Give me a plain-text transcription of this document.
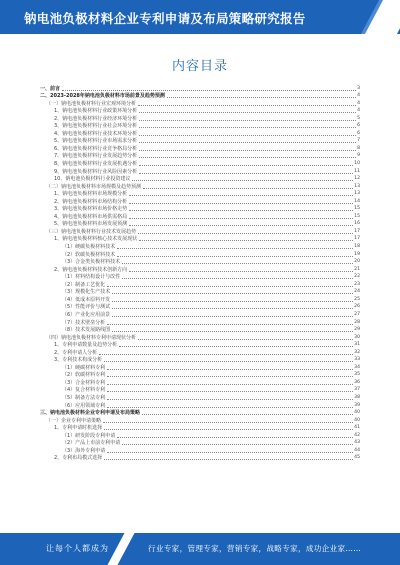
钠电池负极材料企业专利申请及布局策略研究报告
内容目录
一、前言	3
二、2023-2028年钠电池负极材料市场前景及趋势预测	4
（一）钠电池负极材料行业宏观环境分析	4
1、钠电池负极材料行业政策环境分析	4
2、钠电池负极材料行业经济环境分析	5
3、钠电池负极材料行业社会环境分析	6
4、钠电池负极材料行业技术环境分析	6
5、钠电池负极材料行业市场需求分析	7
6、钠电池负极材料行业竞争格局分析	8
7、钠电池负极材料行业发展趋势分析	9
8、钠电池负极材料行业发展机遇分析	10
9、钠电池负极材料行业风险因素分析	11
10、钠电池负极材料行业投资建议	12
（二）钠电池负极材料市场规模及趋势预测	13
1、钠电池负极材料市场规模分析	13
2、钠电池负极材料市场结构分析	14
3、钠电池负极材料市场价格走势	15
4、钠电池负极材料市场供需格局	15
5、钠电池负极材料市场发展预测	16
（三）钠电池负极材料行业技术发展趋势	17
1、钠电池负极材料核心技术发展现状	17
（1）硬碳负极材料技术	18
（2）软碳负极材料技术	19
（3）合金类负极材料技术	20
2、钠电池负极材料技术创新方向	21
（1）材料结构设计与改性	22
（2）制备工艺优化	23
（3）规模化生产技术	24
（4）低成本原料开发	25
（5）性能评价与测试	26
（6）产业化应用前景	27
（7）技术壁垒分析	28
（8）技术发展路线图	29
（四）钠电池负极材料专利申请现状分析	30
1、专利申请数量及趋势分析	31
2、专利申请人分析	32
3、专利技术构成分析	33
（1）硬碳材料专利	34
（2）软碳材料专利	35
（3）合金材料专利	36
（4）复合材料专利	37
（5）制备方法专利	38
（6）应用领域专利	39
三、钠电池负极材料企业专利申请及布局策略	40
（一）企业专利申请策略	40
1、专利申请时机选择	41
（1）研发阶段专利申请	42
（2）产品上市前专利申请	43
（3）海外专利申请	44
2、专利布局模式选择	45
让每个人都成为	行业专家，管理专家，营销专家，战略专家，成功企业家……
